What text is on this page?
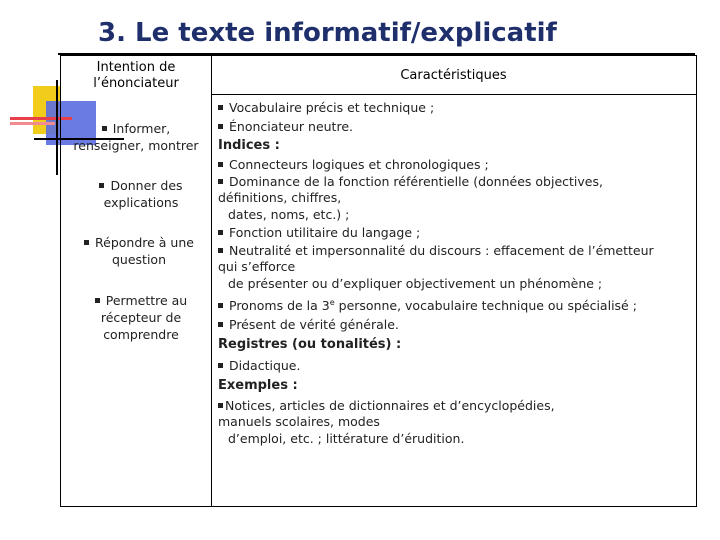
3. Le texte informatif/explicatif
Intention de
l’énonciateur
Caractéristiques
Informer,
renseigner, montrer
Donner des
explications
Répondre à une
question
Permettre au
récepteur de
comprendre
Vocabulaire précis et technique ;
Énonciateur neutre.
Indices :
Connecteurs logiques et chronologiques ;
Dominance de la fonction référentielle (données objectives,
définitions, chiffres,
dates, noms, etc.) ;
Fonction utilitaire du langage ;
Neutralité et impersonnalité du discours : effacement de l’émetteur
qui s’efforce
de présenter ou d’expliquer objectivement un phénomène ;
Pronoms de la 3e personne, vocabulaire technique ou spécialisé ;
Présent de vérité générale.
Registres (ou tonalités) :
Didactique.
Exemples :
Notices, articles de dictionnaires et d’encyclopédies,
manuels scolaires, modes
d’emploi, etc. ; littérature d’érudition.
